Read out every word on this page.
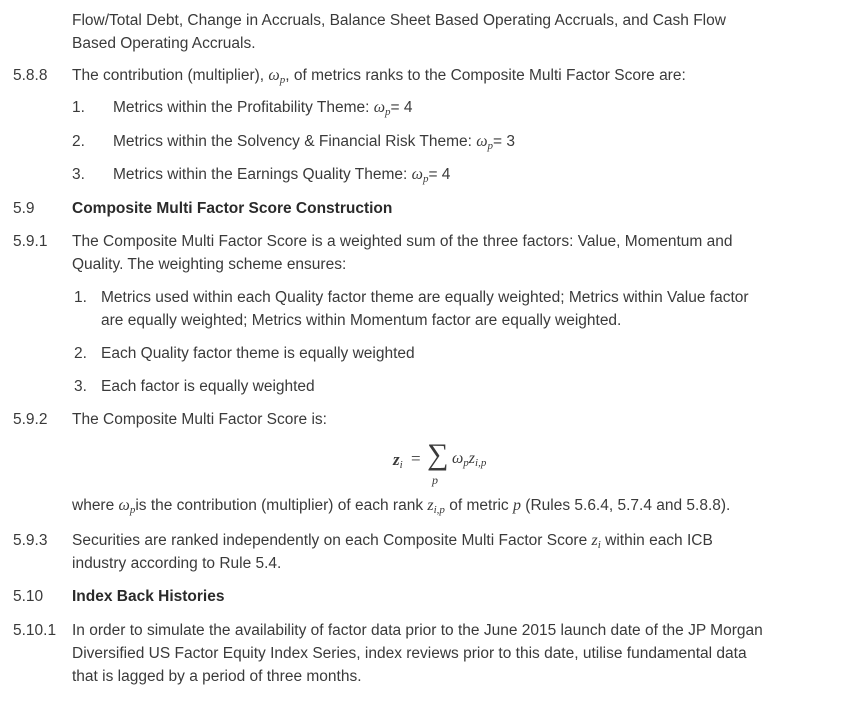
Flow/Total Debt, Change in Accruals, Balance Sheet Based Operating Accruals, and Cash Flow
Based Operating Accruals.
5.8.8 The contribution (multiplier), $\omega_p$, of metrics ranks to the Composite Multi Factor Score are:
1. Metrics within the Profitability Theme: $\omega_p= 4$
2. Metrics within the Solvency & Financial Risk Theme: $\omega_p= 3$
3. Metrics within the Earnings Quality Theme: $\omega_p= 4$
5.9 Composite Multi Factor Score Construction
5.9.1 The Composite Multi Factor Score is a weighted sum of the three factors: Value, Momentum and
Quality. The weighting scheme ensures:
1. Metrics used within each Quality factor theme are equally weighted; Metrics within Value factor
are equally weighted; Metrics within Momentum factor are equally weighted.
2. Each Quality factor theme is equally weighted
3. Each factor is equally weighted
5.9.2 The Composite Multi Factor Score is:
$z_i$ = ∑
p
$\omega_pz_{i,p}$
where $\omega_pis$ the contribution (multiplier) of each rank $z_{i,p}$ of metric p (Rules 5.6.4, 5.7.4 and 5.8.8).
5.9.3 Securities are ranked independently on each Composite Multi Factor Score $z_i$ within each ICB
industry according to Rule 5.4.
5.10 Index Back Histories
5.10.1 In order to simulate the availability of factor data prior to the June 2015 launch date of the JP Morgan
Diversified US Factor Equity Index Series, index reviews prior to this date, utilise fundamental data
that is lagged by a period of three months.
